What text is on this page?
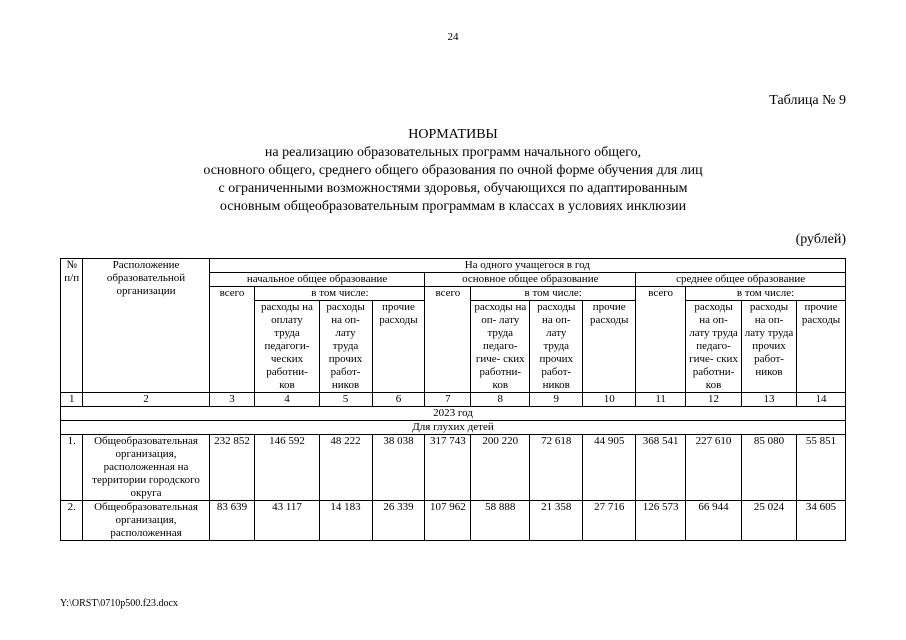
24
Таблица № 9
НОРМАТИВЫ
на реализацию образовательных программ начального общего,
основного общего, среднего общего образования по очной форме обучения для лиц
с ограниченными возможностями здоровья, обучающихся по адаптированным
основным общеобразовательным программам в классах в условиях инклюзии
(рублей)
№ п/п	Расположение образовательной организации	На одного учащегося в год											
		начальное общее образование				основное общее образование				среднее общее образование			
		всего	в том числе:			всего	в том числе:			всего	в том числе:		
			расходы на оплату труда педагоги- ческих работни- ков	расходы на оп- лату труда прочих работ- ников	прочие расходы		расходы на оп- лату труда педаго- гиче- ских работни- ков	расходы на оп- лату труда прочих работ- ников	прочие расходы		расходы на оп- лату труда педаго- гиче- ских работни- ков	расходы на оп- лату труда прочих работ- ников	прочие расходы
1	2	3	4	5	6	7	8	9	10	11	12	13	14
2023 год													
Для глухих детей													
1.	Общеобразовательная организация, расположенная на территории городского округа	232 852	146 592	48 222	38 038	317 743	200 220	72 618	44 905	368 541	227 610	85 080	55 851
2.	Общеобразовательная организация, расположенная	83 639	43 117	14 183	26 339	107 962	58 888	21 358	27 716	126 573	66 944	25 024	34 605
Y:\ORST\0710p500.f23.docx
